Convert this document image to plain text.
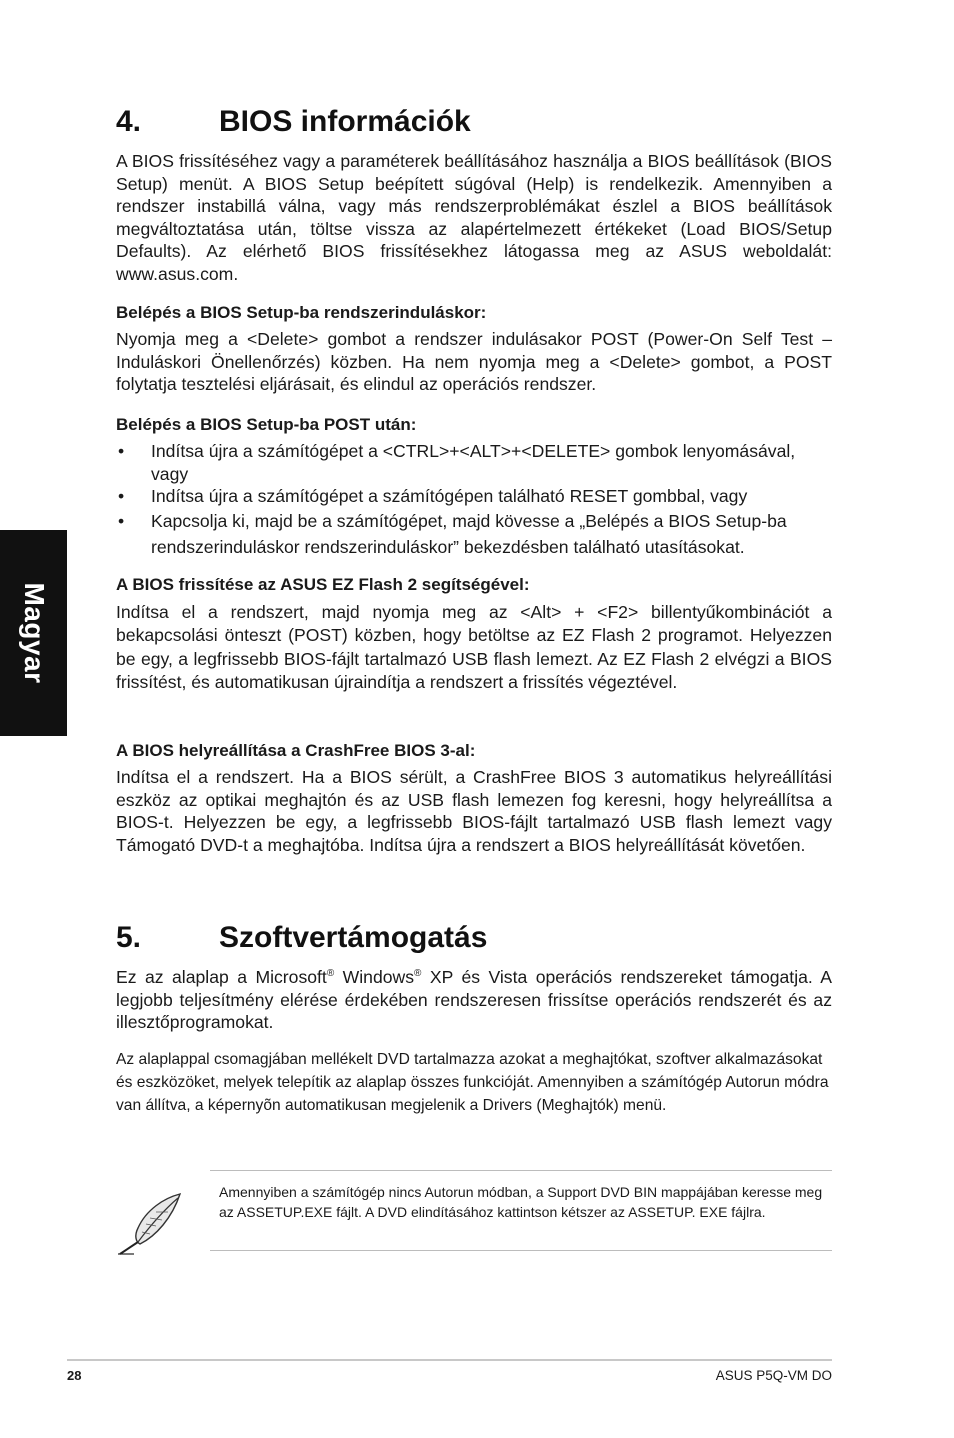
Magyar
4.	BIOS információk

A BIOS frissítéséhez vagy a paraméterek beállításához használja a BIOS beállítások (BIOS Setup) menüt. A BIOS Setup beépített súgóval (Help) is rendelkezik. Amennyiben a rendszer instabillá válna, vagy más rendszerproblémákat észlel a BIOS beállítások megváltoztatása után, töltse vissza az alapértelmezett értékeket (Load BIOS/Setup Defaults). Az elérhető BIOS frissítésekhez látogassa meg az ASUS weboldalát: www.asus.com.

Belépés a BIOS Setup-ba rendszerinduláskor:

Nyomja meg a <Delete> gombot a rendszer indulásakor POST (Power-On Self Test – Induláskori Önellenőrzés) közben. Ha nem nyomja meg a <Delete> gombot, a POST folytatja tesztelési eljárásait, és elindul az operációs rendszer.

Belépés a BIOS Setup-ba POST után:
• Indítsa újra a számítógépet a <CTRL>+<ALT>+<DELETE> gombok lenyomásával, vagy
• Indítsa újra a számítógépet a számítógépen található RESET gombbal, vagy
• Kapcsolja ki, majd be a számítógépet, majd kövesse a „Belépés a BIOS Setup-ba rendszerinduláskor rendszerinduláskor” bekezdésben található utasításokat.
A BIOS frissítése az ASUS EZ Flash 2 segítségével:

Indítsa el a rendszert, majd nyomja meg az <Alt> + <F2> billentyűkombinációt a bekapcsolási önteszt (POST) közben, hogy betöltse az EZ Flash 2 programot. Helyezzen be egy, a legfrissebb BIOS-fájlt tartalmazó USB flash lemezt. Az EZ Flash 2 elvégzi a BIOS frissítést, és automatikusan újraindítja a rendszert a frissítés végeztével.

A BIOS helyreállítása a CrashFree BIOS 3-al:

Indítsa el a rendszert. Ha a BIOS sérült, a CrashFree BIOS 3 automatikus helyreállítási eszköz az optikai meghajtón és az USB flash lemezen fog keresni, hogy helyreállítsa a BIOS-t. Helyezzen be egy, a legfrissebb BIOS-fájlt tartalmazó USB flash lemezt vagy Támogató DVD-t a meghajtóba. Indítsa újra a rendszert a BIOS helyreállítását követően.

5.	Szoftvertámogatás

Ez az alaplap a Microsoft® Windows® XP és Vista operációs rendszereket támogatja. A legjobb teljesítmény elérése érdekében rendszeresen frissítse operációs rendszerét és az illesztőprogramokat.

Az alaplappal csomagjában mellékelt DVD tartalmazza azokat a meghajtókat, szoftver alkalmazásokat és eszközöket, melyek telepítik az alaplap összes funkcióját. Amennyiben a számítógép Autorun módra van állítva, a képernyõn automatikusan megjelenik a Drivers (Meghajtók) menü.

Amennyiben a számítógép nincs Autorun módban, a Support DVD BIN mappájában keresse meg az ASSETUP.EXE fájlt. A DVD elindításához kattintson kétszer az ASSETUP. EXE fájlra.
28	ASUS P5Q-VM DO
